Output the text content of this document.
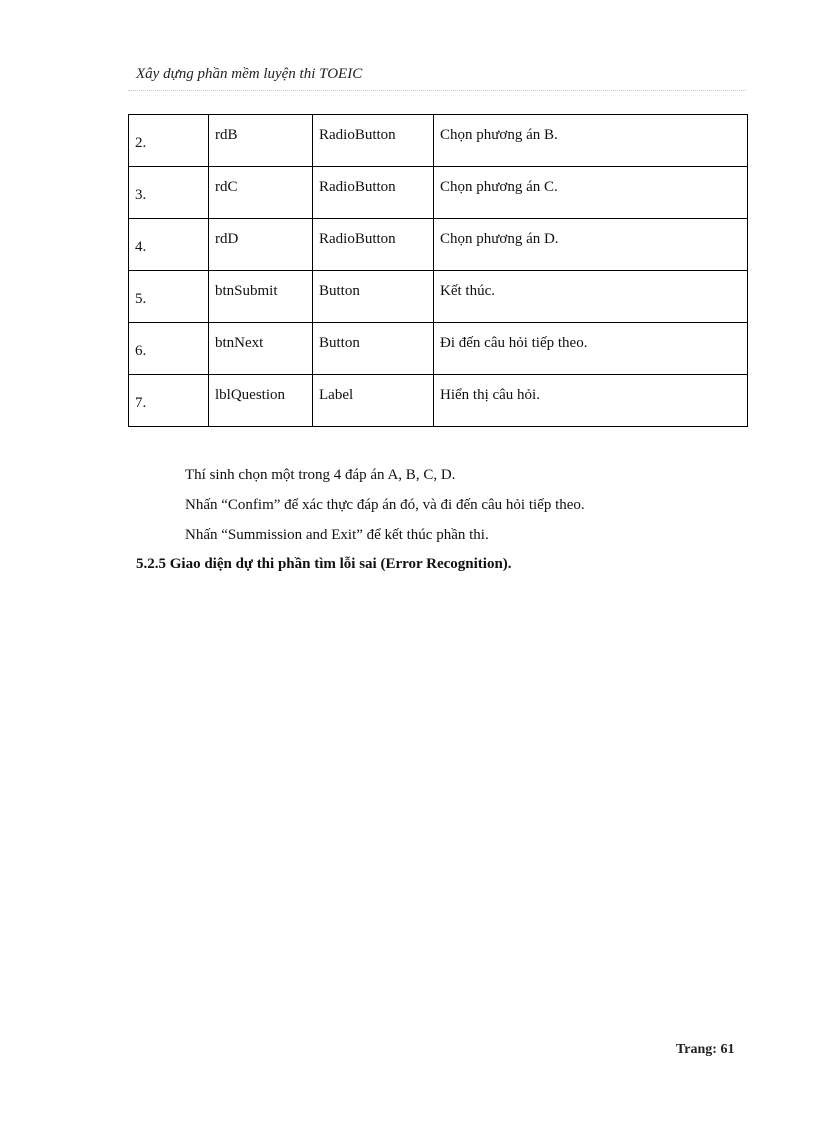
Xây dựng phần mềm luyện thi TOEIC
2.	rdB	RadioButton	Chọn phương án B.

3.	rdC	RadioButton	Chọn phương án C.

4.	rdD	RadioButton	Chọn phương án D.

5.	btnSubmit	Button	Kết thúc.

6.	btnNext	Button	Đi đến câu hỏi tiếp theo.

7.	lblQuestion	Label	Hiển thị câu hỏi.
Thí sinh chọn một trong 4 đáp án A, B, C, D.
Nhấn “Confim” để xác thực đáp án đó, và đi đến câu hỏi tiếp theo.
Nhấn “Summission and Exit” để kết thúc phần thi.
5.2.5 Giao diện dự thi phần tìm lỗi sai (Error Recognition).
Trang: 61
